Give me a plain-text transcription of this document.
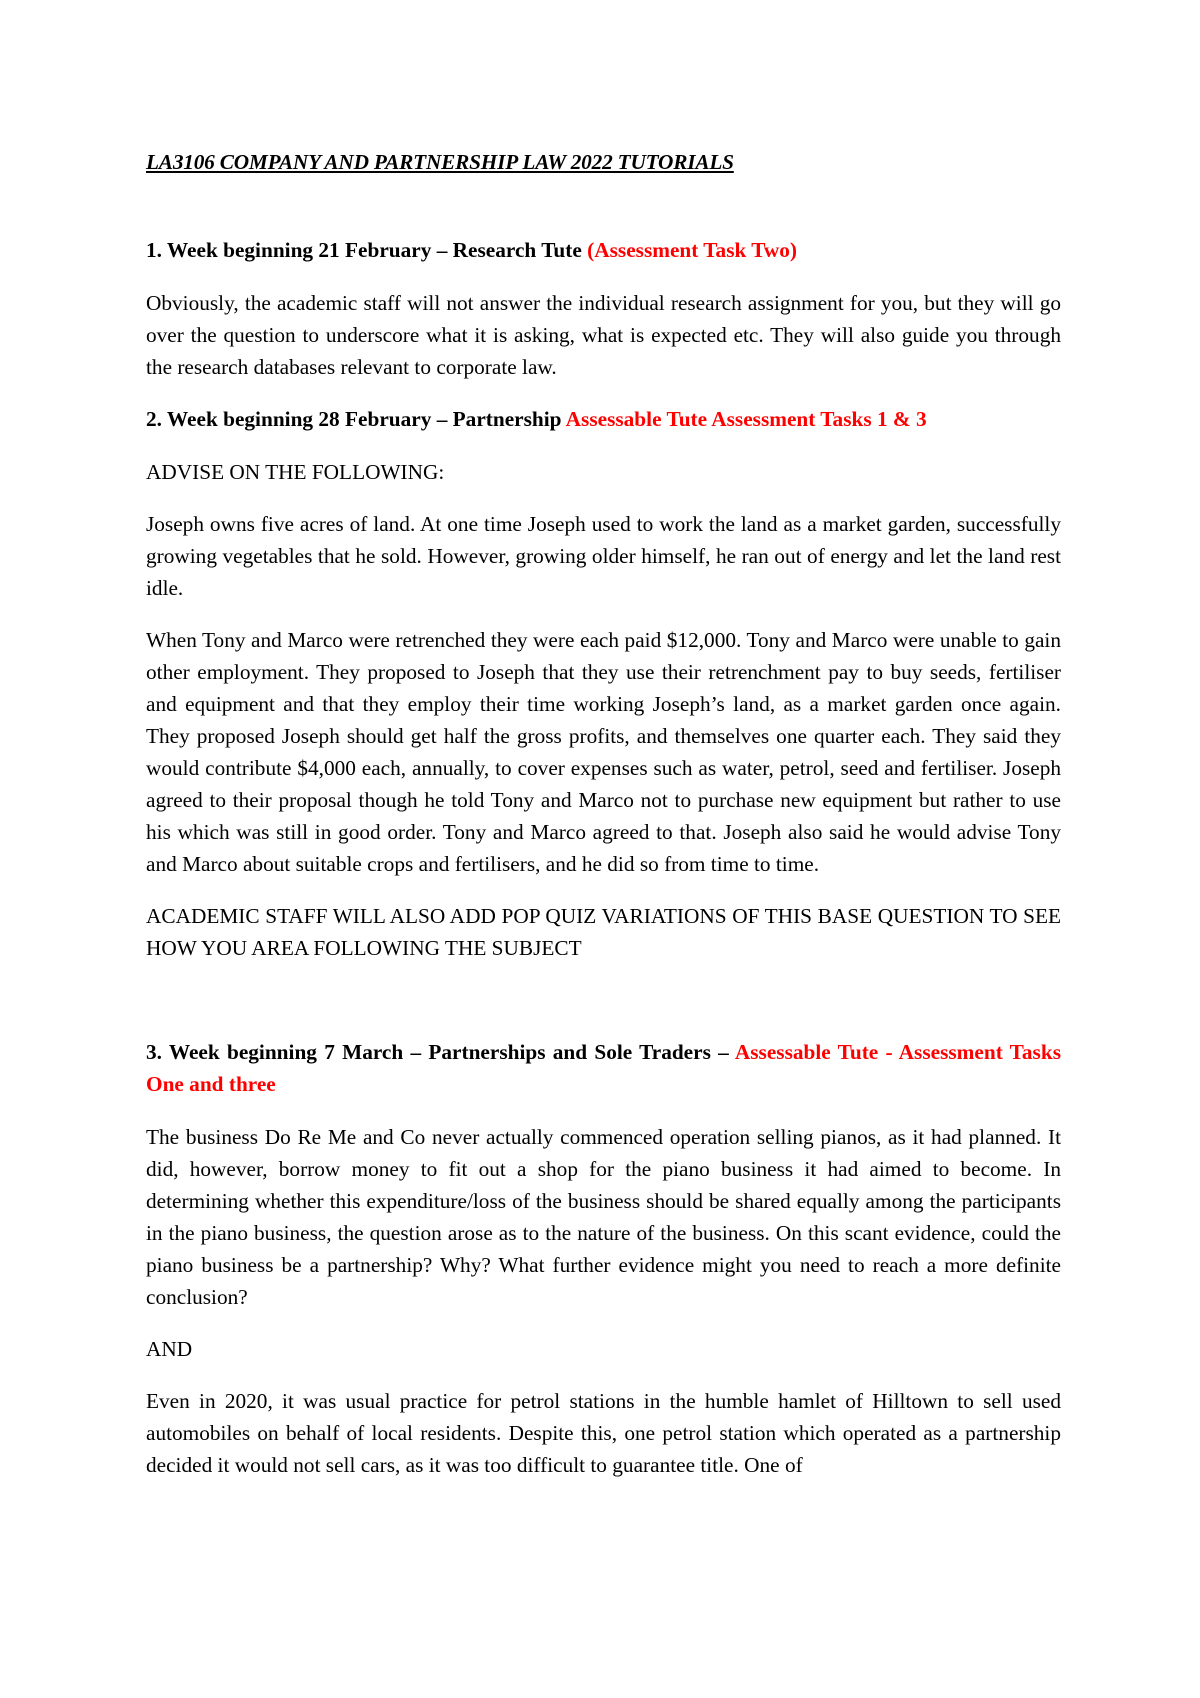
LA3106 COMPANY AND PARTNERSHIP LAW 2022 TUTORIALS
1. Week beginning 21 February – Research Tute (Assessment Task Two)

Obviously, the academic staff will not answer the individual research assignment for you, but they will go over the question to underscore what it is asking, what is expected etc. They will also guide you through the research databases relevant to corporate law.

2. Week beginning 28 February – Partnership Assessable Tute Assessment Tasks 1 & 3

ADVISE ON THE FOLLOWING:

Joseph owns five acres of land. At one time Joseph used to work the land as a market garden, successfully growing vegetables that he sold. However, growing older himself, he ran out of energy and let the land rest idle.

When Tony and Marco were retrenched they were each paid $12,000. Tony and Marco were unable to gain other employment. They proposed to Joseph that they use their retrenchment pay to buy seeds, fertiliser and equipment and that they employ their time working Joseph’s land, as a market garden once again. They proposed Joseph should get half the gross profits, and themselves one quarter each. They said they would contribute $4,000 each, annually, to cover expenses such as water, petrol, seed and fertiliser. Joseph agreed to their proposal though he told Tony and Marco not to purchase new equipment but rather to use his which was still in good order. Tony and Marco agreed to that. Joseph also said he would advise Tony and Marco about suitable crops and fertilisers, and he did so from time to time.

ACADEMIC STAFF WILL ALSO ADD POP QUIZ VARIATIONS OF THIS BASE QUESTION TO SEE HOW YOU AREA FOLLOWING THE SUBJECT

3. Week beginning 7 March – Partnerships and Sole Traders – Assessable Tute - Assessment Tasks One and three

The business Do Re Me and Co never actually commenced operation selling pianos, as it had planned. It did, however, borrow money to fit out a shop for the piano business it had aimed to become. In determining whether this expenditure/loss of the business should be shared equally among the participants in the piano business, the question arose as to the nature of the business. On this scant evidence, could the piano business be a partnership? Why? What further evidence might you need to reach a more definite conclusion?

AND

Even in 2020, it was usual practice for petrol stations in the humble hamlet of Hilltown to sell used automobiles on behalf of local residents. Despite this, one petrol station which operated as a partnership decided it would not sell cars, as it was too difficult to guarantee title. One of
